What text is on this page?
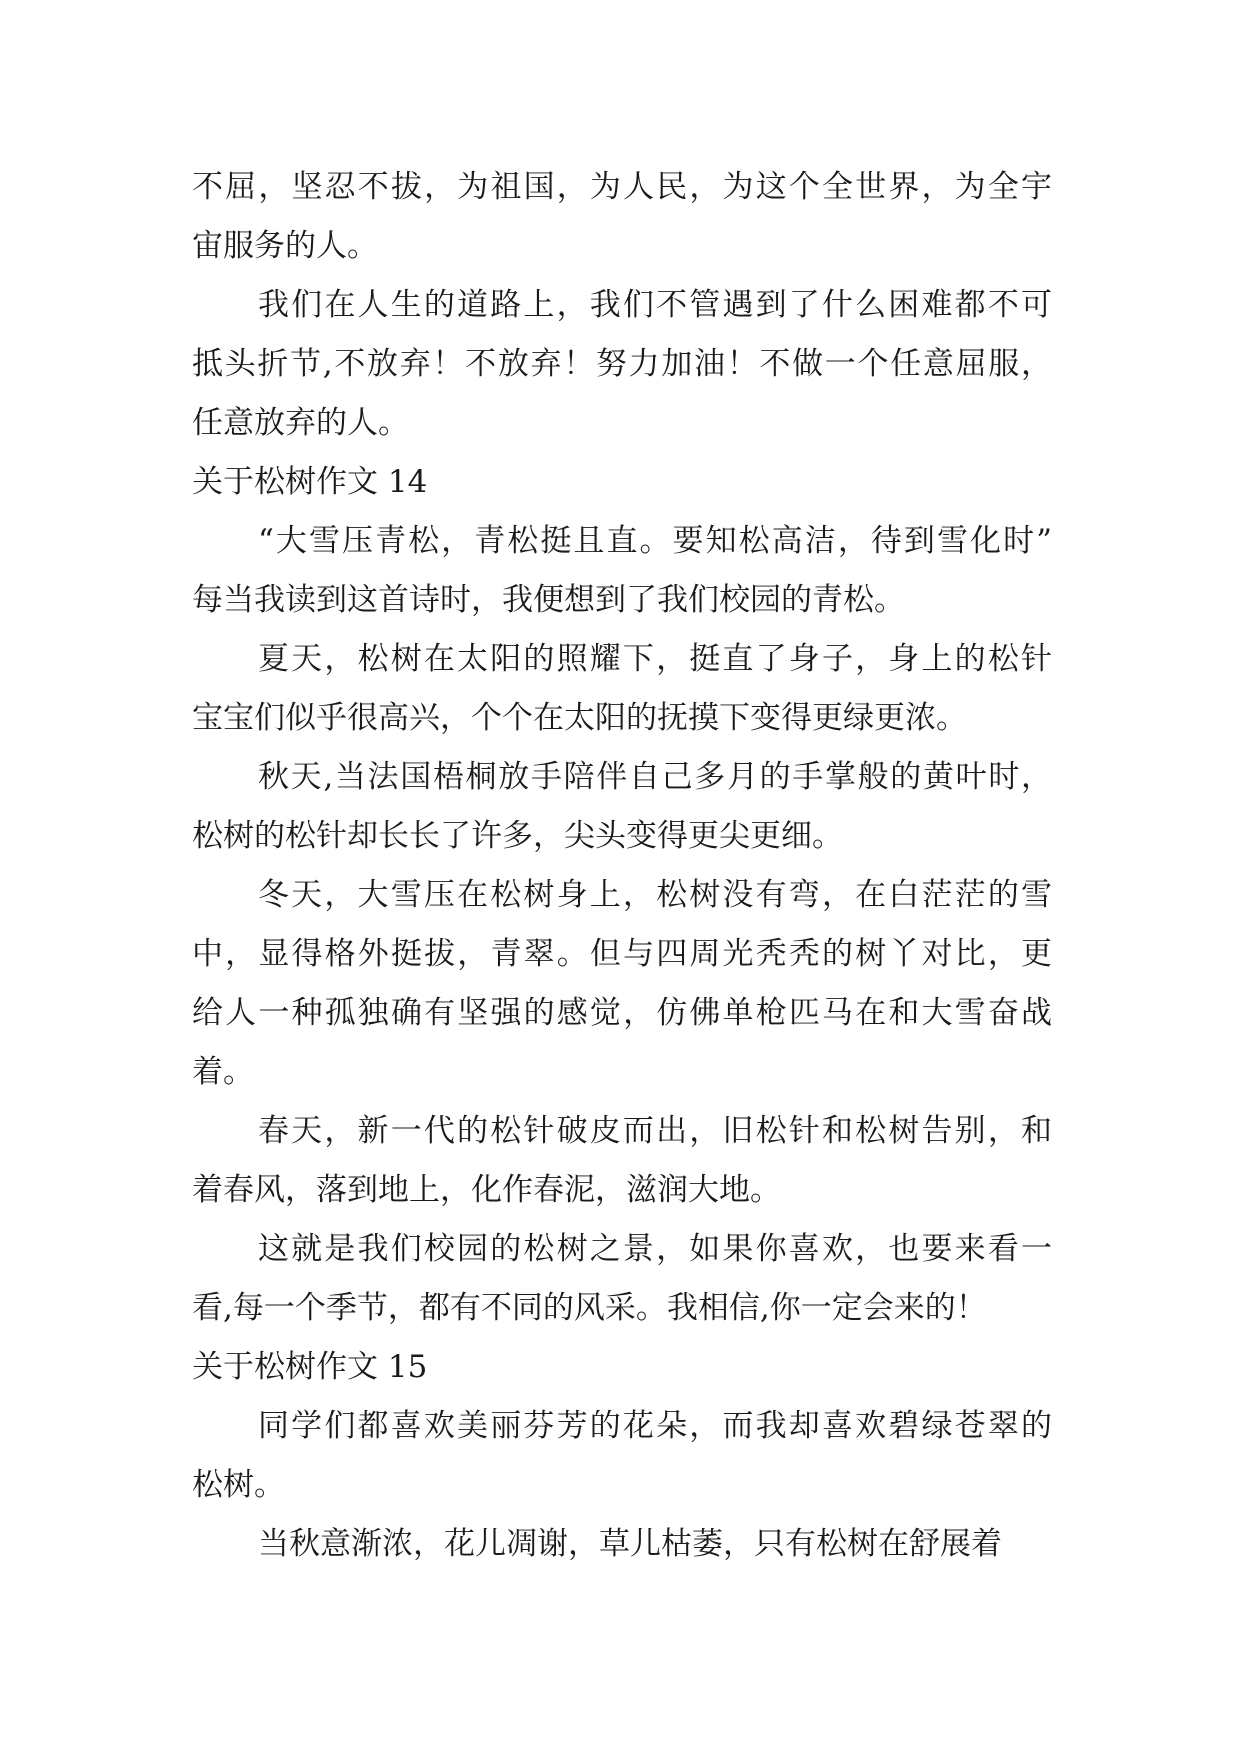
不屈，坚忍不拔，为祖国，为人民，为这个全世界，为全宇
宙服务的人。

我们在人生的道路上，我们不管遇到了什么困难都不可
抵头折节,不放弃！不放弃！努力加油！不做一个任意屈服，
任意放弃的人。

关于松树作文 14

“大雪压青松，青松挺且直。要知松高洁，待到雪化时”
每当我读到这首诗时，我便想到了我们校园的青松。

夏天，松树在太阳的照耀下，挺直了身子，身上的松针
宝宝们似乎很高兴，个个在太阳的抚摸下变得更绿更浓。

秋天,当法国梧桐放手陪伴自己多月的手掌般的黄叶时，
松树的松针却长长了许多，尖头变得更尖更细。

冬天，大雪压在松树身上，松树没有弯，在白茫茫的雪
中，显得格外挺拔，青翠。但与四周光秃秃的树丫对比，更
给人一种孤独确有坚强的感觉，仿佛单枪匹马在和大雪奋战
着。

春天，新一代的松针破皮而出，旧松针和松树告别，和
着春风，落到地上，化作春泥，滋润大地。

这就是我们校园的松树之景，如果你喜欢，也要来看一
看,每一个季节，都有不同的风采。我相信,你一定会来的！

关于松树作文 15

同学们都喜欢美丽芬芳的花朵，而我却喜欢碧绿苍翠的
松树。

当秋意渐浓，花儿凋谢，草儿枯萎，只有松树在舒展着
